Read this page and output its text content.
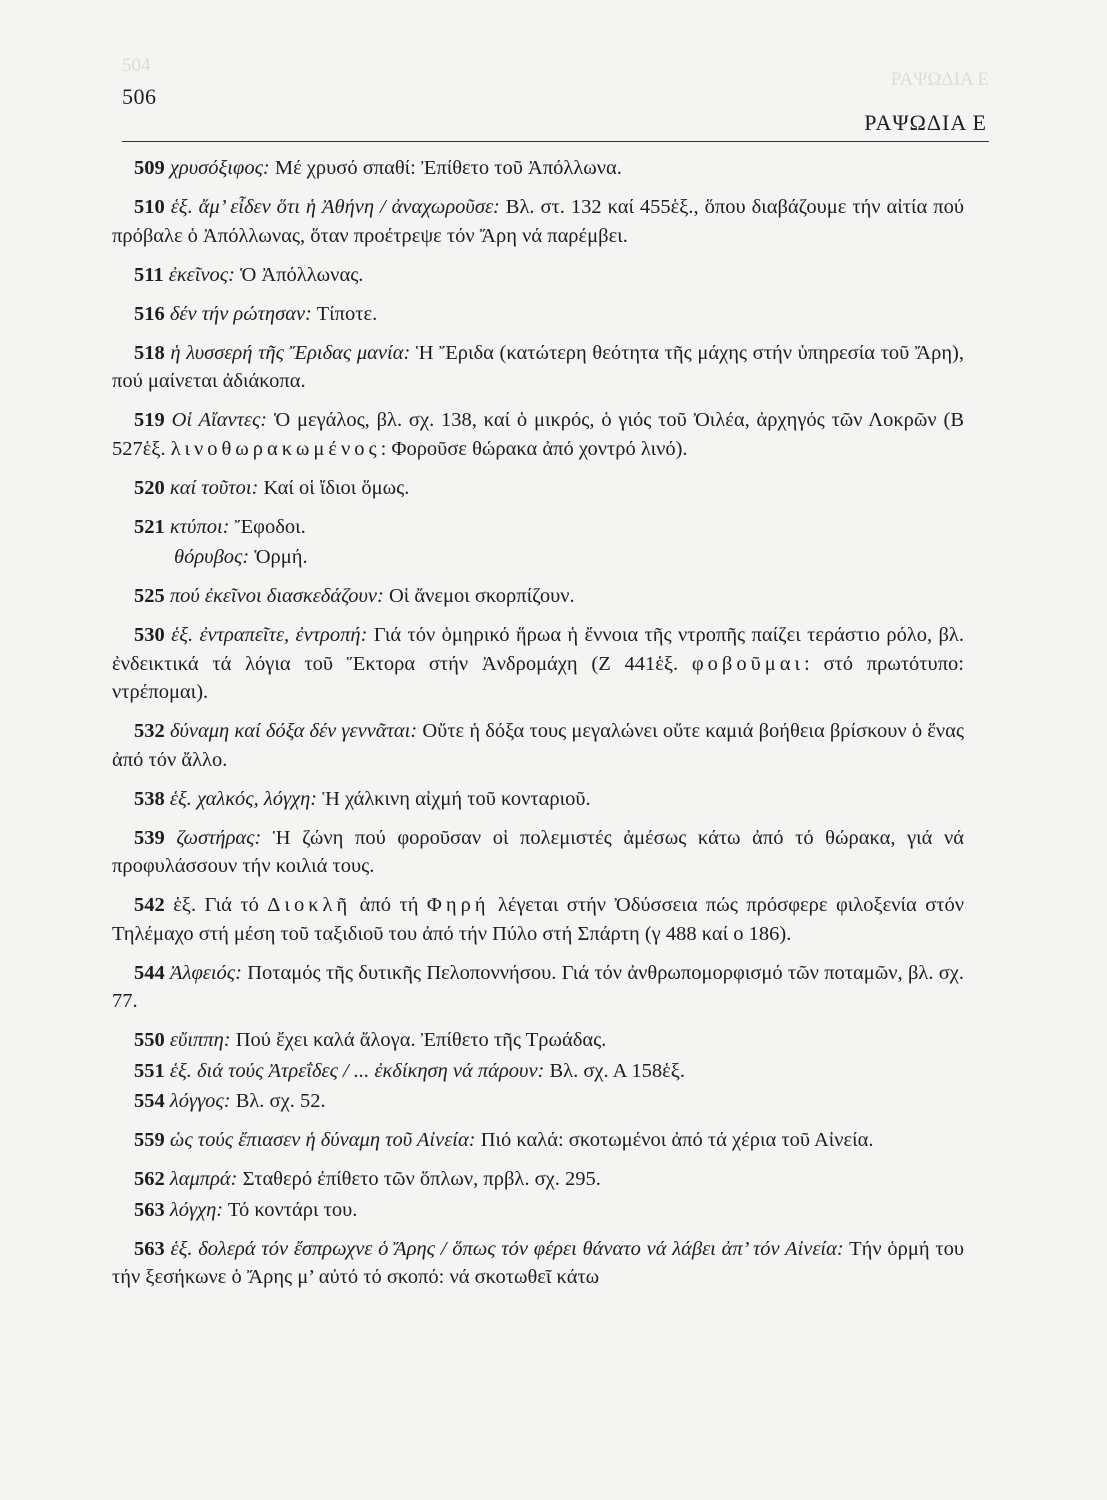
504
ΡΑΨΩΔΙΑ Ε
506
ΡΑΨΩΔΙΑ Ε

509 χρυσόξιφος: Μέ χρυσό σπαθί: Ἐπίθετο τοῦ Ἀπόλλωνα.

510 ἑξ. ἄμ’ εἶδεν ὅτι ἡ Ἀθήνη / ἀναχωροῦσε: Βλ. στ. 132 καί 455ἑξ., ὅπου διαβάζουμε τήν αἰτία πού πρόβαλε ὁ Ἀπόλλωνας, ὅταν προέτρεψε τόν Ἄρη νά παρέμβει.

511 ἐκεῖνος: Ὁ Ἀπόλλωνας.

516 δέν τήν ρώτησαν: Τίποτε.

518 ἡ λυσσερή τῆς Ἔριδας μανία: Ἡ Ἔριδα (κατώτερη θεότητα τῆς μάχης στήν ὑπηρεσία τοῦ Ἄρη), πού μαίνεται ἀδιάκοπα.

519 Οἱ Αἴαντες: Ὁ μεγάλος, βλ. σχ. 138, καί ὁ μικρός, ὁ γιός τοῦ Ὀιλέα, ἀρχηγός τῶν Λοκρῶν (Β 527ἑξ. λινοθωρακωμένος: Φοροῦσε θώρακα ἀπό χοντρό λινό).

520 καί τοῦτοι: Καί οἱ ἴδιοι ὅμως.

521 κτύποι: Ἔφοδοι.

θόρυβος: Ὁρμή.

525 πού ἐκεῖνοι διασκεδάζουν: Οἱ ἄνεμοι σκορπίζουν.

530 ἑξ. ἐντραπεῖτε, ἐντροπή: Γιά τόν ὁμηρικό ἥρωα ἡ ἔννοια τῆς ντροπῆς παίζει τεράστιο ρόλο, βλ. ἐνδεικτικά τά λόγια τοῦ Ἕκτορα στήν Ἀνδρομάχη (Ζ 441ἑξ. φοβοῦμαι: στό πρωτότυπο: ντρέπομαι).

532 δύναμη καί δόξα δέν γεννᾶται: Οὔτε ἡ δόξα τους μεγαλώνει οὔτε καμιά βοήθεια βρίσκουν ὁ ἕνας ἀπό τόν ἄλλο.

538 ἑξ. χαλκός, λόγχη: Ἡ χάλκινη αἰχμή τοῦ κονταριοῦ.

539 ζωστήρας: Ἡ ζώνη πού φοροῦσαν οἱ πολεμιστές ἀμέσως κάτω ἀπό τό θώρακα, γιά νά προφυλάσσουν τήν κοιλιά τους.

542 ἑξ. Γιά τό Διοκλῆ ἀπό τή Φηρή λέγεται στήν Ὀδύσσεια πώς πρόσφερε φιλοξενία στόν Τηλέμαχο στή μέση τοῦ ταξιδιοῦ του ἀπό τήν Πύλο στή Σπάρτη (γ 488 καί ο 186).

544 Ἀλφειός: Ποταμός τῆς δυτικῆς Πελοποννήσου. Γιά τόν ἀνθρωπομορφισμό τῶν ποταμῶν, βλ. σχ. 77.

550 εὔιππη: Πού ἔχει καλά ἄλογα. Ἐπίθετο τῆς Τρωάδας.

551 ἑξ. διά τούς Ἀτρεΐδες / ... ἐκδίκηση νά πάρουν: Βλ. σχ. Α 158ἑξ.

554 λόγγος: Βλ. σχ. 52.

559 ὡς τούς ἔπιασεν ἡ δύναμη τοῦ Αἰνεία: Πιό καλά: σκοτωμένοι ἀπό τά χέρια τοῦ Αἰνεία.

562 λαμπρά: Σταθερό ἐπίθετο τῶν ὅπλων, πρβλ. σχ. 295.

563 λόγχη: Τό κοντάρι του.

563 ἑξ. δολερά τόν ἔσπρωχνε ὁ Ἄρης / ὅπως τόν φέρει θάνατο νά λάβει ἀπ’ τόν Αἰνεία: Τήν ὁρμή του τήν ξεσήκωνε ὁ Ἄρης μ’ αὐτό τό σκοπό: νά σκοτωθεῖ κάτω
